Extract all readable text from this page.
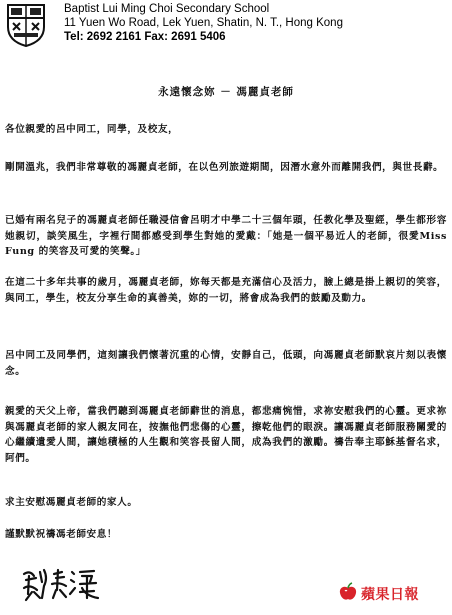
Baptist Lui Ming Choi Secondary School
11 Yuen Wo Road, Lek Yuen, Shatin, N. T., Hong Kong
Tel: 2692 2161 Fax: 2691 5406
永遠懷念妳 － 馮麗貞老師
各位親愛的呂中同工，同學，及校友，
剛開溫兆，我們非常尊敬的馮麗貞老師，在以色列旅遊期間，因潛水意外而離開我們，與世長辭。
已婚有兩名兒子的馮麗貞老師任職浸信會呂明才中學二十三個年頭，任教化學及聖經，學生都形容她親切，談笑風生，字裡行間都感受到學生對她的愛戴：「她是一個平易近人的老師，很愛Miss Fung 的笑容及可愛的笑聲。」
在這二十多年共事的歲月，馮麗貞老師，妳每天都是充滿信心及活力，臉上總是掛上親切的笑容，與同工，學生，校友分享生命的真善美，妳的一切，將會成為我們的鼓勵及動力。
呂中同工及同學們，這刻讓我們懷著沉重的心情，安靜自己，低頭，向馮麗貞老師默哀片刻以表懷念。
親愛的天父上帝，當我們聽到馮麗貞老師辭世的消息，都悲痛惋惜，求祢安慰我們的心靈。更求祢與馮麗貞老師的家人親友同在，按撫他們悲傷的心靈，擦乾他們的眼淚。讓馮麗貞老師服務關愛的心繼續遺愛人間，讓她積極的人生觀和笑容長留人間，成為我們的激勵。禱告奉主耶穌基督名求，阿們。
求主安慰馮麗貞老師的家人。
謹默默祝禱馮老師安息！
蘋果日報
